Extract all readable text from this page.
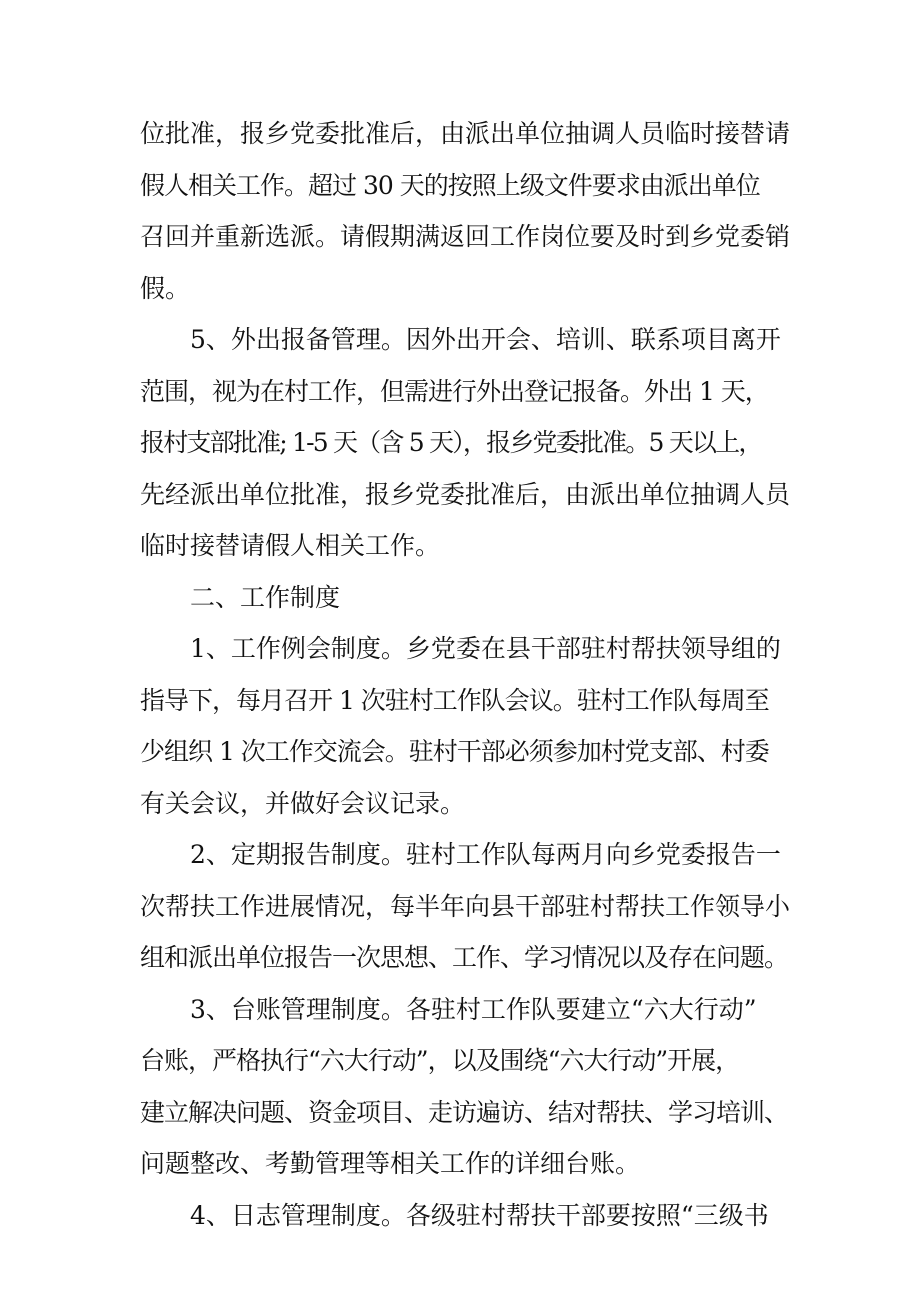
位批准，报乡党委批准后，由派出单位抽调人员临时接替请
假人相关工作。超过 30 天的按照上级文件要求由派出单位
召回并重新选派。请假期满返回工作岗位要及时到乡党委销
假。
5、外出报备管理。因外出开会、培训、联系项目离开
范围，视为在村工作，但需进行外出登记报备。外出 1 天，
报村支部批准; 1-5 天（含 5 天），报乡党委批准。5 天以上，
先经派出单位批准，报乡党委批准后，由派出单位抽调人员
临时接替请假人相关工作。
二、工作制度
1、工作例会制度。乡党委在县干部驻村帮扶领导组的
指导下，每月召开 1 次驻村工作队会议。驻村工作队每周至
少组织 1 次工作交流会。驻村干部必须参加村党支部、村委
有关会议，并做好会议记录。
2、定期报告制度。驻村工作队每两月向乡党委报告一
次帮扶工作进展情况，每半年向县干部驻村帮扶工作领导小
组和派出单位报告一次思想、工作、学习情况以及存在问题。
3、台账管理制度。各驻村工作队要建立“六大行动”
台账，严格执行“六大行动”，以及围绕“六大行动”开展，
建立解决问题、资金项目、走访遍访、结对帮扶、学习培训、
问题整改、考勤管理等相关工作的详细台账。
4、日志管理制度。各级驻村帮扶干部要按照“三级书
